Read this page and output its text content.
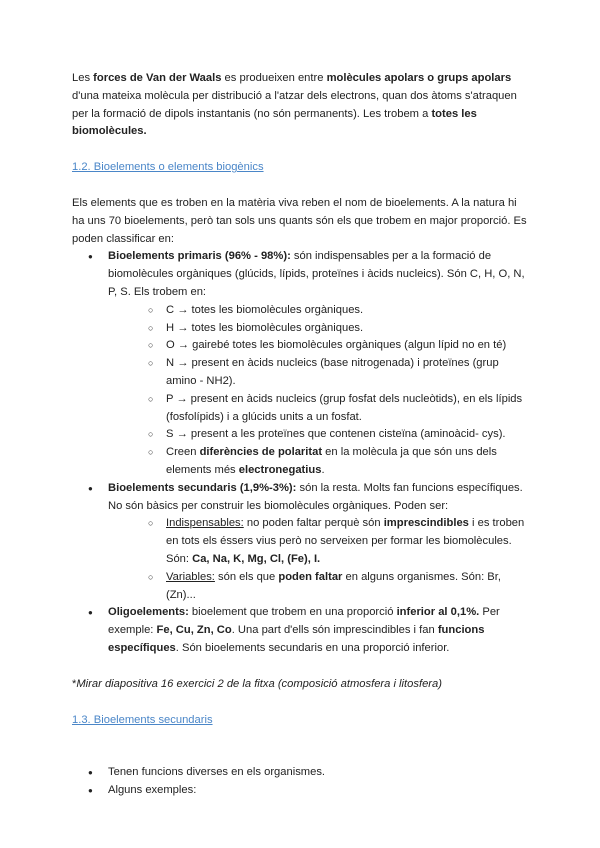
Les forces de Van der Waals es produeixen entre molècules apolars o grups apolars d'una mateixa molècula per distribució a l'atzar dels electrons, quan dos àtoms s'atraquen per la formació de dipols instantanis (no són permanents). Les trobem a totes les biomolècules.

1.2. Bioelements o elements biogènics

Els elements que es troben en la matèria viva reben el nom de bioelements. A la natura hi ha uns 70 bioelements, però tan sols uns quants són els que trobem en major proporció. Es poden classificar en:

● Bioelements primaris (96% - 98%): són indispensables per a la formació de biomolècules orgàniques (glúcids, lípids, proteïnes i àcids nucleics). Són C, H, O, N, P, S. Els trobem en:
○ C → totes les biomolècules orgàniques.
○ H → totes les biomolècules orgàniques.
○ O → gairebé totes les biomolècules orgàniques (algun lípid no en té)
○ N → present en àcids nucleics (base nitrogenada) i proteïnes (grup amino - NH2).
○ P → present en àcids nucleics (grup fosfat dels nucleòtids), en els lípids (fosfolípids) i a glúcids units a un fosfat.
○ S → present a les proteïnes que contenen cisteïna (aminoàcid- cys).
○ Creen diferències de polaritat en la molècula ja que són uns dels elements més electronegatius.
● Bioelements secundaris (1,9%-3%): són la resta. Molts fan funcions específiques. No són bàsics per construir les biomolècules orgàniques. Poden ser:
○ Indispensables: no poden faltar perquè són imprescindibles i es troben en tots els éssers vius però no serveixen per formar les biomolècules. Són: Ca, Na, K, Mg, Cl, (Fe), I.
○ Variables: són els que poden faltar en alguns organismes. Són: Br, (Zn)...
● Oligoelements: bioelement que trobem en una proporció inferior al 0,1%. Per exemple: Fe, Cu, Zn, Co. Una part d'ells són imprescindibles i fan funcions específiques. Són bioelements secundaris en una proporció inferior.

*Mirar diapositiva 16 exercici 2 de la fitxa (composició atmosfera i litosfera)

1.3. Bioelements secundaris

● Tenen funcions diverses en els organismes.
● Alguns exemples:
